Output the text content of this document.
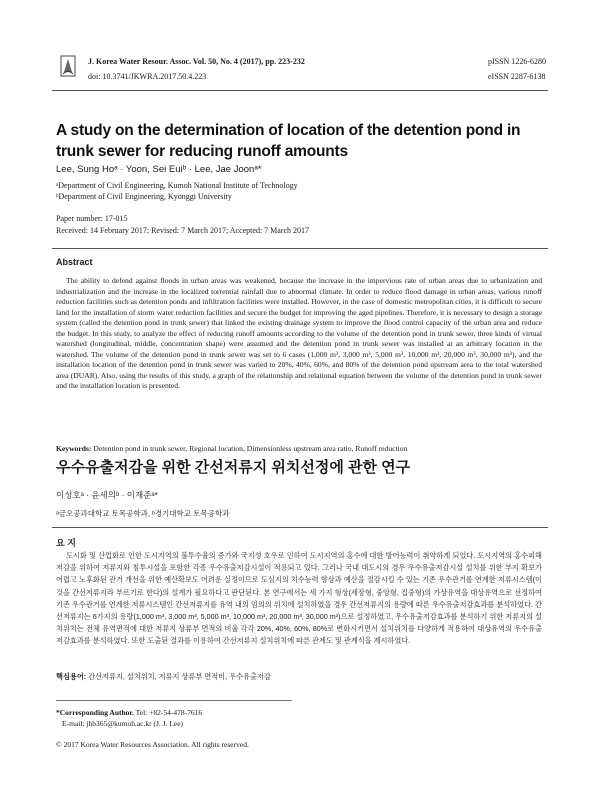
J. Korea Water Resour. Assoc. Vol. 50, No. 4 (2017), pp. 223-232
doi: 10.3741/JKWRA.2017.50.4.223
pISSN 1226-6280
eISSN 2287-6138
A study on the determination of location of the detention pond in trunk sewer for reducing runoff amounts
Lee, Sung Hoᵃ · Yoon, Sei Euiᵇ · Lee, Jae Joonᵃ*
ᵃDepartment of Civil Engineering, Kumoh National Institute of Technology
ᵇDepartment of Civil Engineering, Kyonggi University
Paper number: 17-015
Received: 14 February 2017; Revised: 7 March 2017; Accepted: 7 March 2017
Abstract
The ability to defend against floods in urban areas was weakened, because the increase in the impervious rate of urban areas due to urbanization and industrialization and the increase in the localized torrential rainfall due to abnormal climate. In order to reduce flood damage in urban areas, various runoff reduction facilities such as detention ponds and infiltration facilities were installed. However, in the case of domestic metropolitan cities, it is difficult to secure land for the installation of storm water reduction facilities and secure the budget for improving the aged pipelines. Therefore, it is necessary to design a storage system (called the detention pond in trunk sewer) that linked the existing drainage system to improve the flood control capacity of the urban area and reduce the budget. In this study, to analyze the effect of reducing runoff amounts according to the volume of the detention pond in trunk sewer, three kinds of virtual watershed (longitudinal, middle, concentration shape) were assumed and the detention pond in trunk sewer was installed at an arbitrary location in the watershed. The volume of the detention pond in trunk sewer was set to 6 cases (1,000 m³, 3,000 m³, 5,000 m³, 10,000 m³, 20,000 m³, 30,000 m³), and the installation location of the detention pond in trunk sewer was varied to 20%, 40%, 60%, and 80% of the detention pond upstream area to the total watershed area (DUAR). Also, using the results of this study, a graph of the relationship and relational equation between the volume of the detention pond in trunk sewer and the installation location is presented.
Keywords: Detention pond in trunk sewer, Regional location, Dimensionless upstream area ratio, Runoff reduction
우수유출저감을 위한 간선저류지 위치선정에 관한 연구
이성호ᵃ · 윤세의ᵇ · 이재준ᵃ*
ᵃ금오공과대학교 토목공학과, ᵇ경기대학교 토목공학과
요 지
도시화 및 산업화로 인한 도시지역의 불투수율의 증가와 국지성 호우로 인하여 도시지역의 홍수에 대한 방어능력이 취약하게 되었다. 도시지역의 홍수피해 저감을 위하여 저류지와 침투시설을 포함한 각종 우수유출저감시설이 적용되고 있다. 그러나 국내 대도시의 경우 우수유출저감시설 설치를 위한 부지 확보가 어렵고 노후화된 관거 개선을 위한 예산확보도 어려운 실정이므로 도심지의 치수능력 향상과 예산을 절감시킬 수 있는 기존 우수관거를 연계한 저류시스템(이것을 간선저류지라 부르기로 한다)의 설계가 필요하다고 판단된다. 본 연구에서는 세 가지 형상(세장형, 중앙형, 집중형)의 가상유역을 대상유역으로 선정하여 기존 우수관거를 연계한 저류시스템인 간선저류지를 유역 내의 임의의 위치에 설치하였을 경우 간선저류지의 용량에 따른 우수유출저감효과를 분석하였다. 간선저류지는 6가지의 용량(1,000 m³, 3,000 m³, 5,000 m³, 10,000 m³, 20,000 m³, 30,000 m³)으로 설정하였고, 우수유출저감효과를 분석하기 위한 저류지의 설치위치는 전체 유역면적에 대한 저류지 상류부 면적의 비율 각각 20%, 40%, 60%, 80%로 변화시키면서 설치위치를 다양하게 적용하여 대상유역의 우수유출저감효과를 분석하였다. 또한 도출된 결과를 이용하여 간선저류지 설치위치에 따른 관계도 및 관계식을 제시하였다.
핵심용어: 간선저류지, 설치위치, 저류지 상류부 면적비, 우수유출저감
*Corresponding Author. Tel: +82-54-478-7616
E-mail: jhb365@kumoh.ac.kr (J. J. Lee)
© 2017 Korea Water Resources Association. All rights reserved.
